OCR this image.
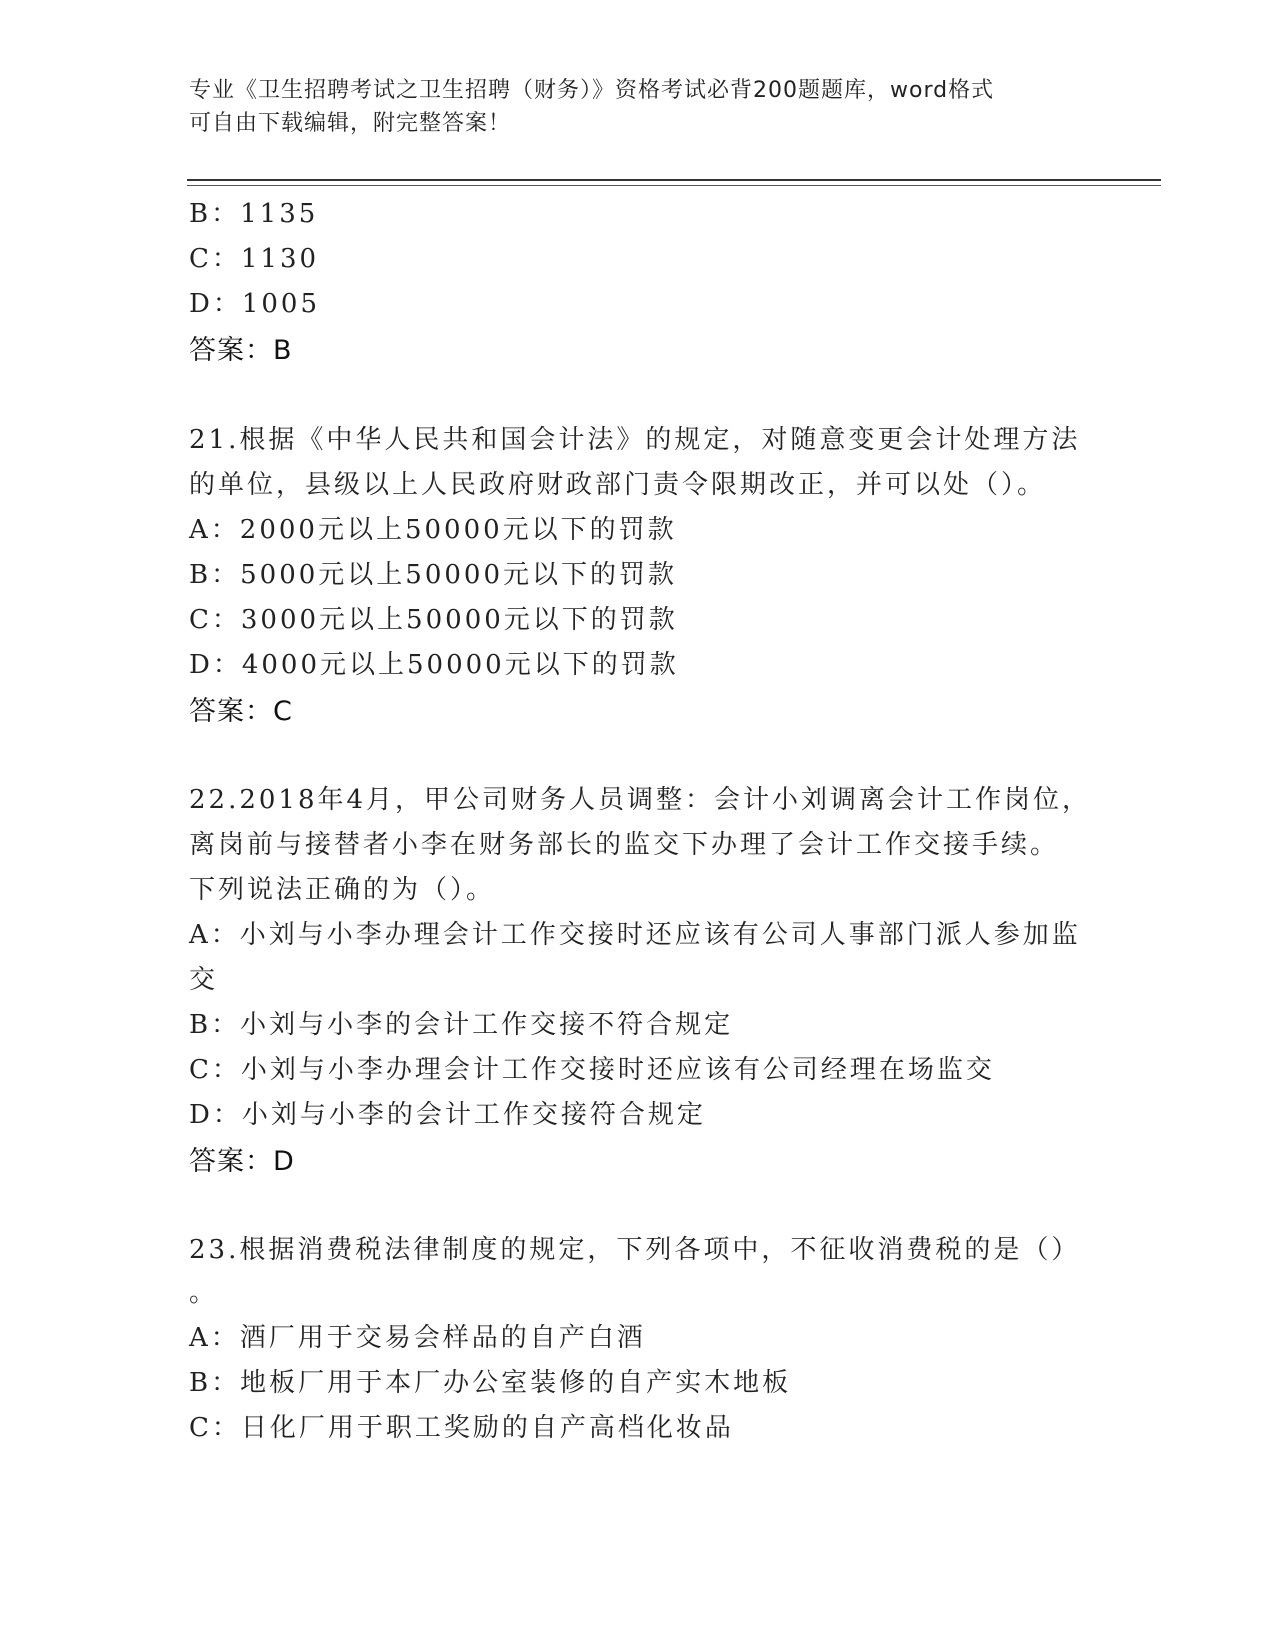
专业《卫生招聘考试之卫生招聘（财务）》资格考试必背200题题库，word格式
可自由下载编辑，附完整答案！
B：1135
C：1130
D：1005
答案：B
21.根据《中华人民共和国会计法》的规定，对随意变更会计处理方法
的单位，县级以上人民政府财政部门责令限期改正，并可以处（）。
A：2000元以上50000元以下的罚款
B：5000元以上50000元以下的罚款
C：3000元以上50000元以下的罚款
D：4000元以上50000元以下的罚款
答案：C
22.2018年4月，甲公司财务人员调整：会计小刘调离会计工作岗位，
离岗前与接替者小李在财务部长的监交下办理了会计工作交接手续。
下列说法正确的为（）。
A：小刘与小李办理会计工作交接时还应该有公司人事部门派人参加监
交
B：小刘与小李的会计工作交接不符合规定
C：小刘与小李办理会计工作交接时还应该有公司经理在场监交
D：小刘与小李的会计工作交接符合规定
答案：D
23.根据消费税法律制度的规定，下列各项中，不征收消费税的是（）
。
A：酒厂用于交易会样品的自产白酒
B：地板厂用于本厂办公室装修的自产实木地板
C：日化厂用于职工奖励的自产高档化妆品
